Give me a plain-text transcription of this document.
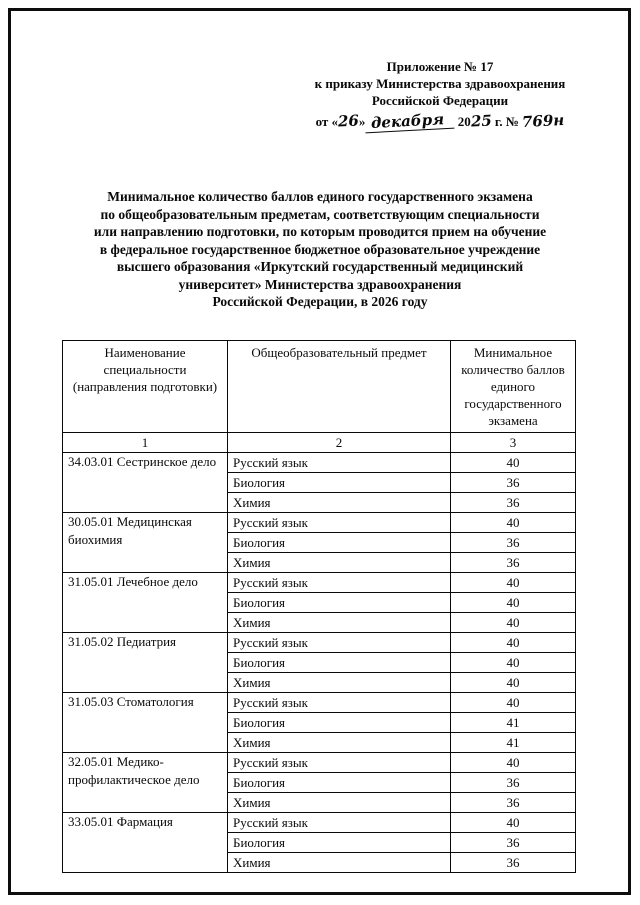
Приложение № 17
к приказу Министерства здравоохранения
Российской Федерации
от «26» декабря 2025 г. № 769н
Минимальное количество баллов единого государственного экзамена
по общеобразовательным предметам, соответствующим специальности
или направлению подготовки, по которым проводится прием на обучение
в федеральное государственное бюджетное образовательное учреждение
высшего образования «Иркутский государственный медицинский
университет» Министерства здравоохранения
Российской Федерации, в 2026 году
Наименование специальности (направления подготовки)	Общеобразовательный предмет	Минимальное количество баллов единого государственного экзамена
1	2	3
34.03.01 Сестринское дело	Русский язык	40
	Биология	36
	Химия	36
30.05.01 Медицинская биохимия	Русский язык	40
	Биология	36
	Химия	36
31.05.01 Лечебное дело	Русский язык	40
	Биология	40
	Химия	40
31.05.02 Педиатрия	Русский язык	40
	Биология	40
	Химия	40
31.05.03 Стоматология	Русский язык	40
	Биология	41
	Химия	41
32.05.01 Медико-профилактическое дело	Русский язык	40
	Биология	36
	Химия	36
33.05.01 Фармация	Русский язык	40
	Биология	36
	Химия	36
